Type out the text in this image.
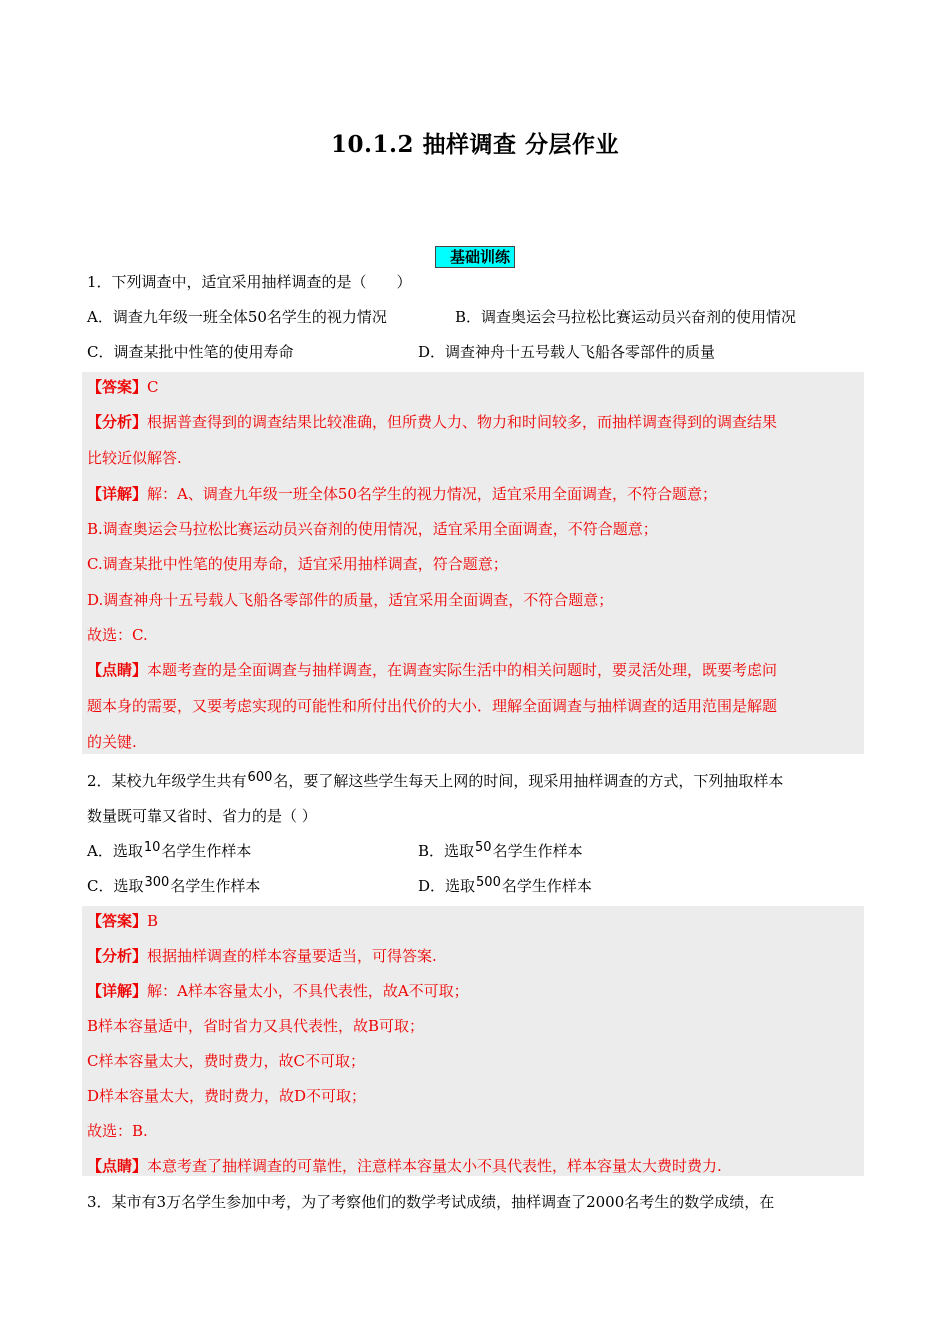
10.1.2 抽样调查 分层作业
基础训练
1．下列调查中，适宜采用抽样调查的是（　　）
A．调查九年级一班全体50名学生的视力情况	B．调查奥运会马拉松比赛运动员兴奋剂的使用情况
C．调查某批中性笔的使用寿命	D．调查神舟十五号载人飞船各零部件的质量
【答案】C
【分析】根据普查得到的调查结果比较准确，但所费人力、物力和时间较多，而抽样调查得到的调查结果
比较近似解答.
【详解】解：A、调查九年级一班全体50名学生的视力情况，适宜采用全面调查，不符合题意；
B.调查奥运会马拉松比赛运动员兴奋剂的使用情况，适宜采用全面调查，不符合题意；
C.调查某批中性笔的使用寿命，适宜采用抽样调查，符合题意；
D.调查神舟十五号载人飞船各零部件的质量，适宜采用全面调查，不符合题意；
故选：C.
【点睛】本题考查的是全面调查与抽样调查，在调查实际生活中的相关问题时，要灵活处理，既要考虑问
题本身的需要，又要考虑实现的可能性和所付出代价的大小．理解全面调查与抽样调查的适用范围是解题
的关键.
2．某校九年级学生共有600名，要了解这些学生每天上网的时间，现采用抽样调查的方式，下列抽取样本
数量既可靠又省时、省力的是（ ）
A．选取10名学生作样本	B．选取50名学生作样本
C．选取300名学生作样本	D．选取500名学生作样本
【答案】B
【分析】根据抽样调查的样本容量要适当，可得答案.
【详解】解：A样本容量太小，不具代表性，故A不可取；
B样本容量适中，省时省力又具代表性，故B可取；
C样本容量太大，费时费力，故C不可取；
D样本容量太大，费时费力，故D不可取；
故选：B.
【点睛】本意考查了抽样调查的可靠性，注意样本容量太小不具代表性，样本容量太大费时费力.
3．某市有3万名学生参加中考，为了考察他们的数学考试成绩，抽样调查了2000名考生的数学成绩，在
